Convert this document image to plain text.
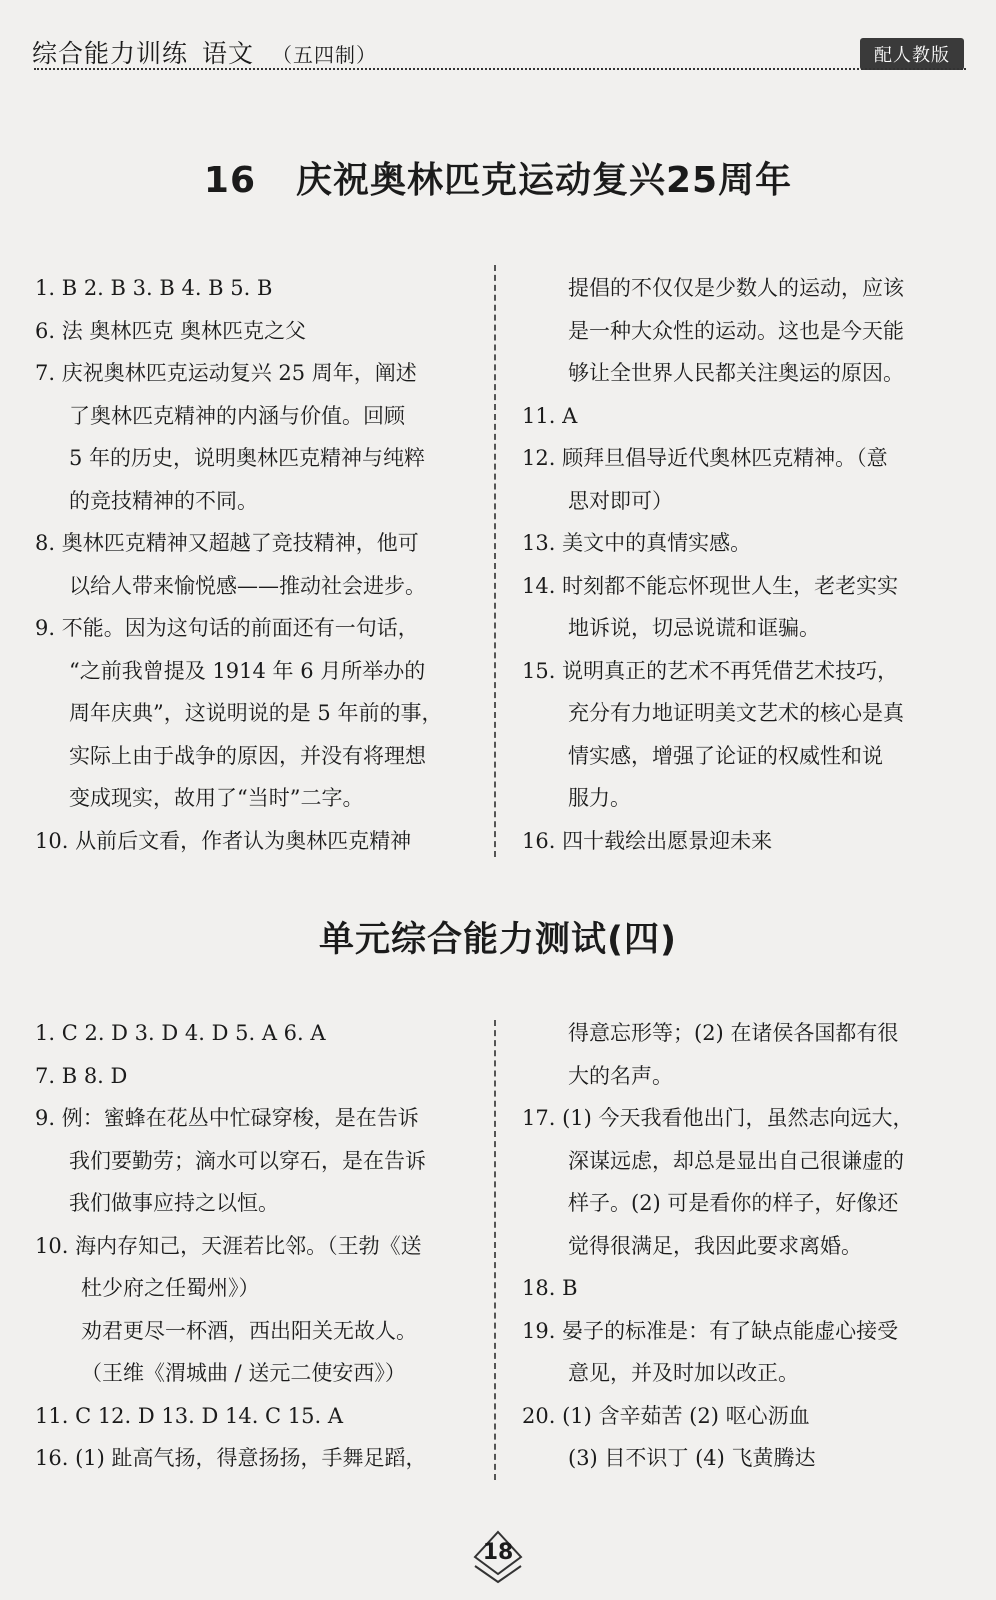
综合能力训练 语文 （五四制）	配人教版
16 庆祝奥林匹克运动复兴25周年
1. B 2. B 3. B 4. B 5. B
6. 法 奥林匹克 奥林匹克之父
7. 庆祝奥林匹克运动复兴 25 周年，阐述
了奥林匹克精神的内涵与价值。回顾
5 年的历史，说明奥林匹克精神与纯粹
的竞技精神的不同。
8. 奥林匹克精神又超越了竞技精神，他可
以给人带来愉悦感——推动社会进步。
9. 不能。因为这句话的前面还有一句话，
“之前我曾提及 1914 年 6 月所举办的
周年庆典”，这说明说的是 5 年前的事，
实际上由于战争的原因，并没有将理想
变成现实，故用了“当时”二字。
10. 从前后文看，作者认为奥林匹克精神
提倡的不仅仅是少数人的运动，应该
是一种大众性的运动。这也是今天能
够让全世界人民都关注奥运的原因。
11. A
12. 顾拜旦倡导近代奥林匹克精神。（意
思对即可）
13. 美文中的真情实感。
14. 时刻都不能忘怀现世人生，老老实实
地诉说，切忌说谎和诓骗。
15. 说明真正的艺术不再凭借艺术技巧，
充分有力地证明美文艺术的核心是真
情实感，增强了论证的权威性和说
服力。
16. 四十载绘出愿景迎未来
单元综合能力测试(四)
1. C 2. D 3. D 4. D 5. A 6. A
7. B 8. D
9. 例：蜜蜂在花丛中忙碌穿梭，是在告诉
我们要勤劳；滴水可以穿石，是在告诉
我们做事应持之以恒。
10. 海内存知己，天涯若比邻。（王勃《送
杜少府之任蜀州》）
劝君更尽一杯酒，西出阳关无故人。
（王维《渭城曲 / 送元二使安西》）
11. C 12. D 13. D 14. C 15. A
16. (1) 趾高气扬，得意扬扬，手舞足蹈，
得意忘形等；(2) 在诸侯各国都有很
大的名声。
17. (1) 今天我看他出门，虽然志向远大，
深谋远虑，却总是显出自己很谦虚的
样子。(2) 可是看你的样子，好像还
觉得很满足，我因此要求离婚。
18. B
19. 晏子的标准是：有了缺点能虚心接受
意见，并及时加以改正。
20. (1) 含辛茹苦 (2) 呕心沥血
(3) 目不识丁 (4) 飞黄腾达
18
